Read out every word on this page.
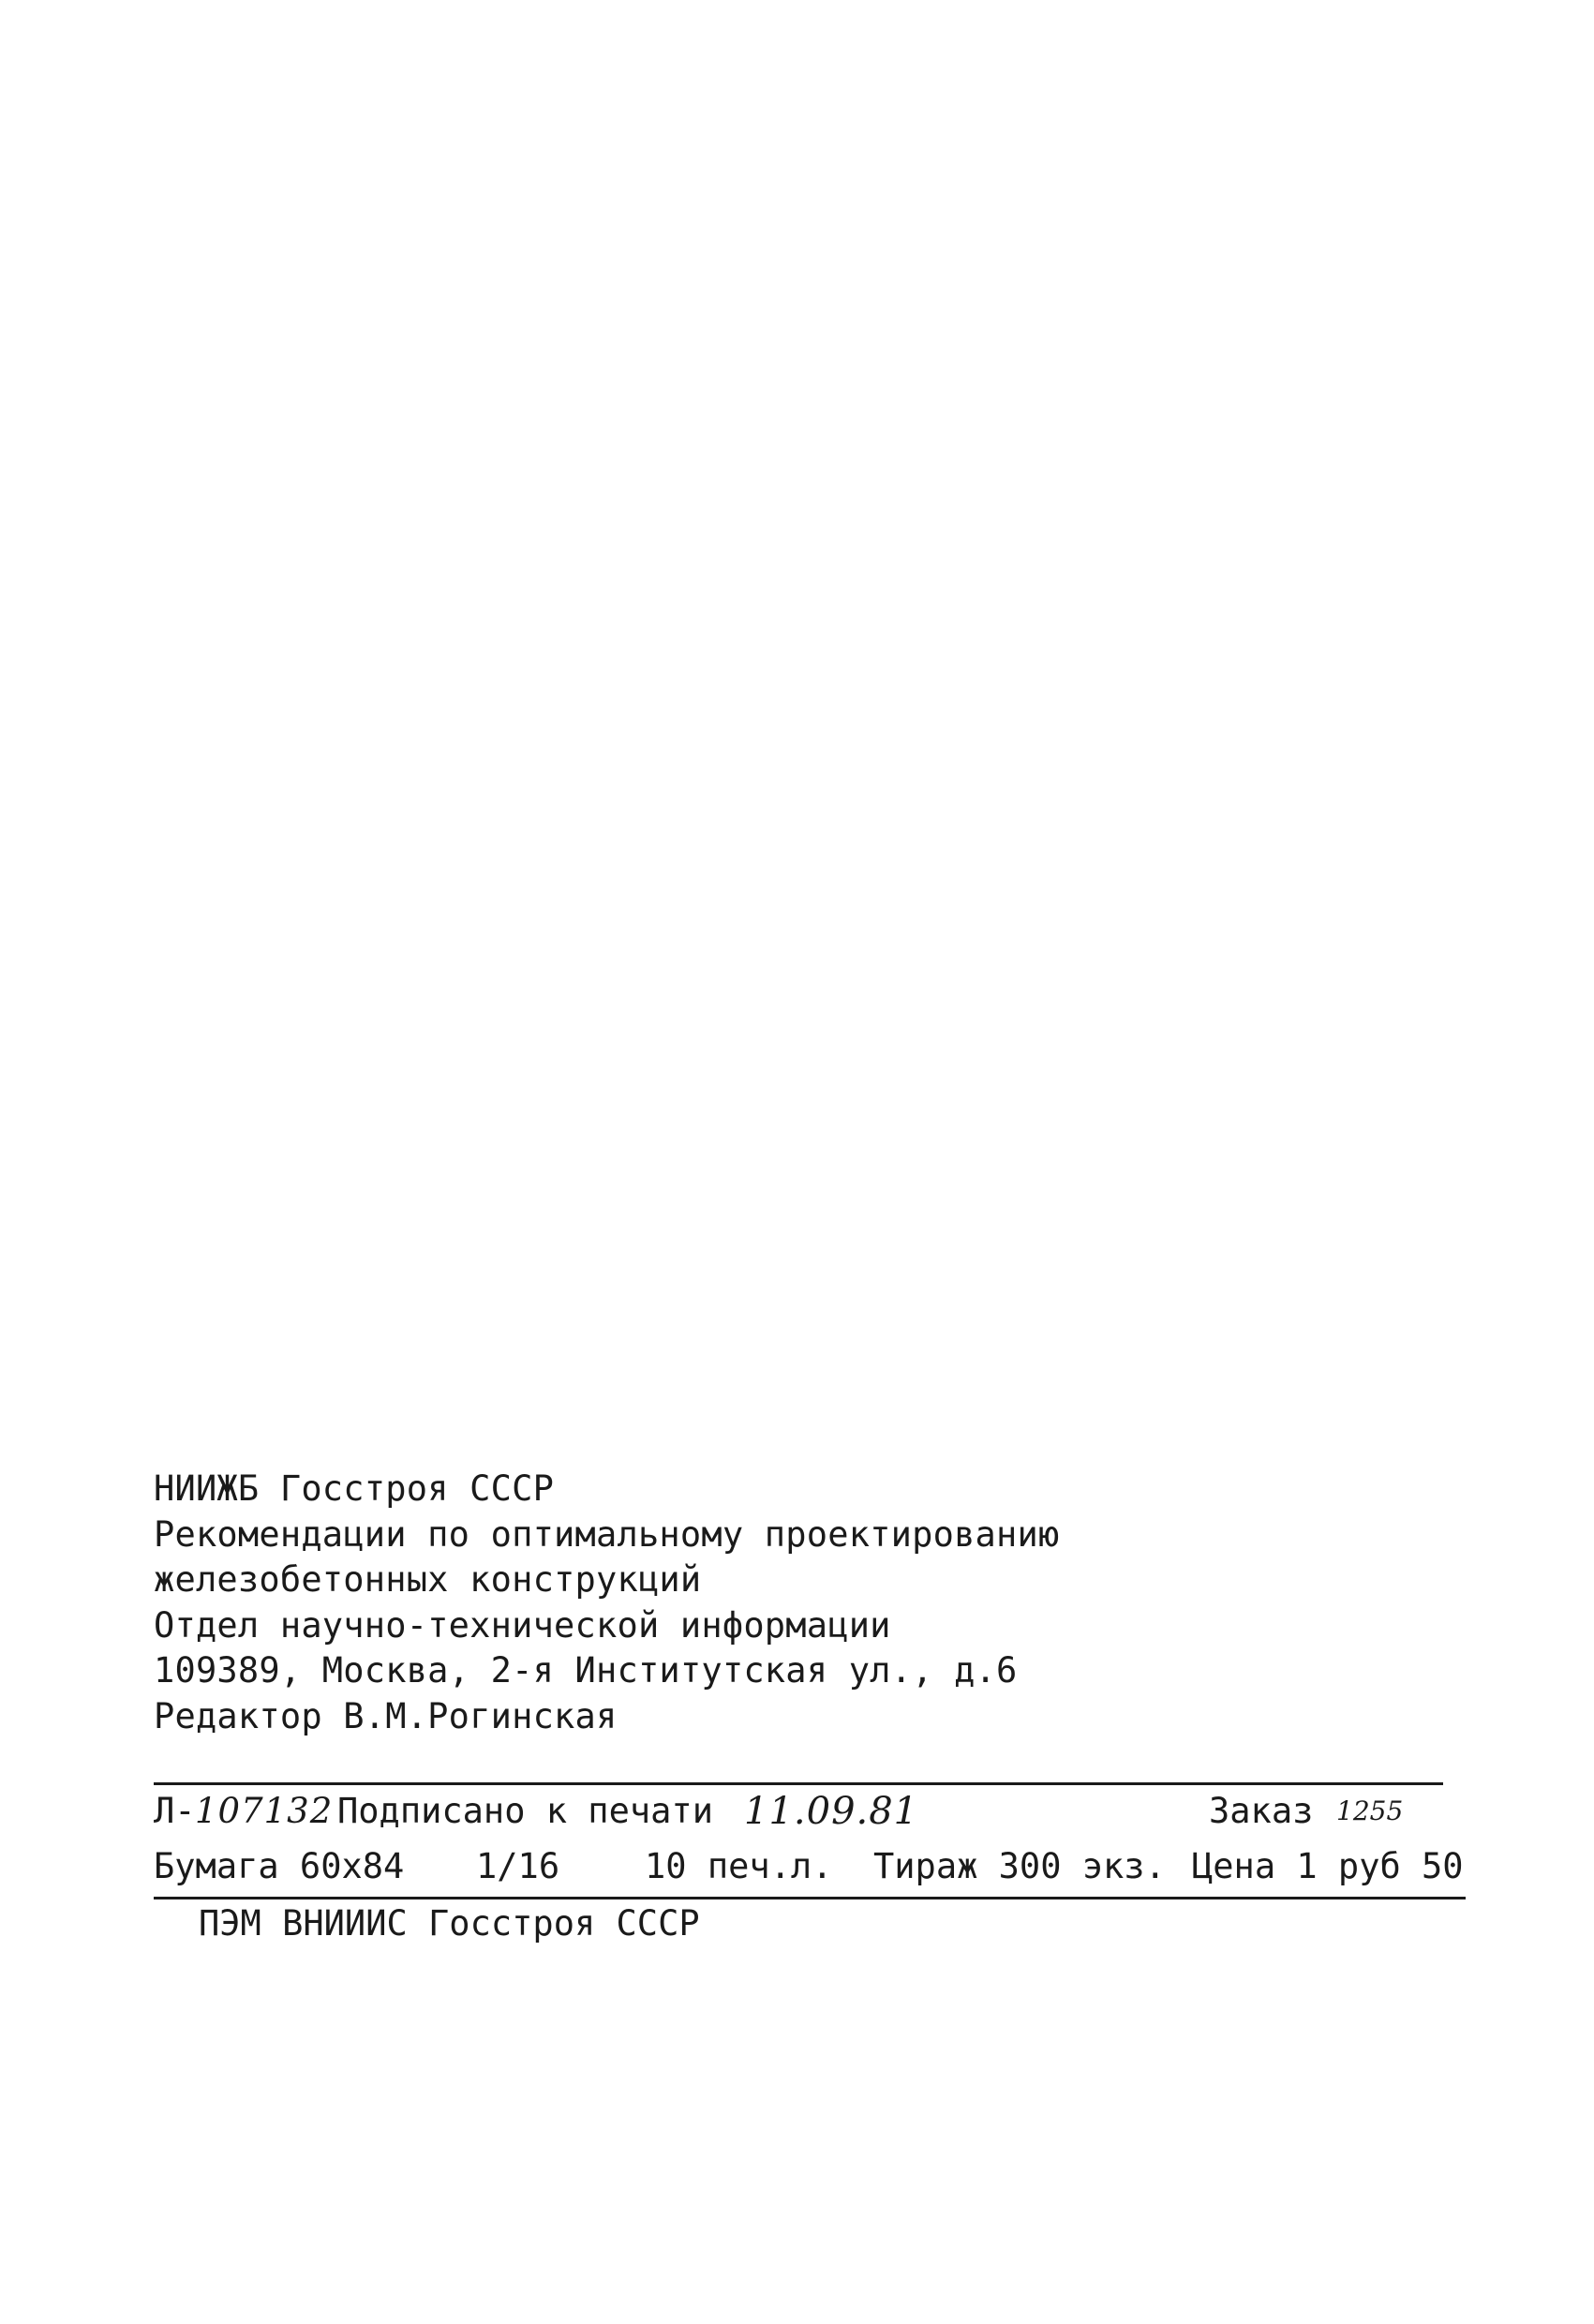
НИИЖБ Госстроя СССР
Рекомендации по оптимальному проектированию
железобетонных конструкций
Отдел научно-технической информации
109389, Москва, 2-я Институтская ул., д.6
Редактор В.М.Рогинская
Л- 107132 Подписано к печати 11.09.81	Заказ 1255
Бумага 60х84 1/16 10 печ.л. Тираж 300 экз. Цена 1 руб 50
ПЭМ ВНИИИС Госстроя СССР
